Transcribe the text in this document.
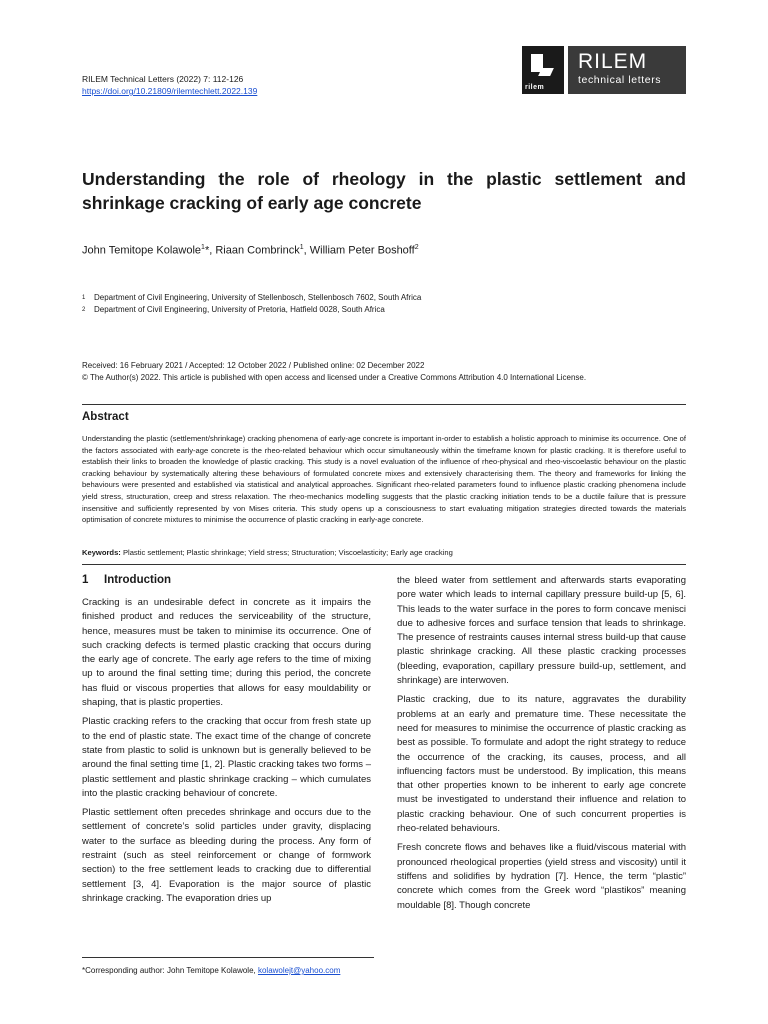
RILEM Technical Letters (2022) 7: 112-126
https://doi.org/10.21809/rilemtechlett.2022.139	rilem
RILEM
technical letters
Understanding the role of rheology in the plastic settlement and shrinkage cracking of early age concrete
John Temitope Kolawole$^1$*, Riaan Combrinck$^1$, William Peter Boshoff$^2$
1 Department of Civil Engineering, University of Stellenbosch, Stellenbosch 7602, South Africa
2 Department of Civil Engineering, University of Pretoria, Hatfield 0028, South Africa
Received: 16 February 2021 / Accepted: 12 October 2022 / Published online: 02 December 2022
© The Author(s) 2022. This article is published with open access and licensed under a Creative Commons Attribution 4.0 International License.
Abstract
Understanding the plastic (settlement/shrinkage) cracking phenomena of early-age concrete is important in-order to establish a holistic approach to minimise its occurrence. One of the factors associated with early-age concrete is the rheo-related behaviour which occur simultaneously within the timeframe known for plastic cracking. It is therefore useful to establish their links to broaden the knowledge of plastic cracking. This study is a novel evaluation of the influence of rheo-physical and rheo-viscoelastic behaviour on the plastic cracking behaviour by systematically altering these behaviours of formulated concrete mixes and extensively characterising them. The theory and frameworks for linking the behaviours were presented and established via statistical and analytical approaches. Significant rheo-related parameters found to influence plastic cracking phenomena include yield stress, structuration, creep and stress relaxation. The rheo-mechanics modelling suggests that the plastic cracking initiation tends to be a ductile failure that is pressure insensitive and sufficiently represented by von Mises criteria. This study opens up a consciousness to start evaluating mitigation strategies directed towards the materials optimisation of concrete mixtures to minimise the occurrence of plastic cracking in early-age concrete.
Keywords: Plastic settlement; Plastic shrinkage; Yield stress; Structuration; Viscoelasticity; Early age cracking
1 Introduction

Cracking is an undesirable defect in concrete as it impairs the finished product and reduces the serviceability of the structure, hence, measures must be taken to minimise its occurrence. One of such cracking defects is termed plastic cracking that occurs during the early age of concrete. The early age refers to the time of mixing up to around the final setting time; during this period, the concrete has fluid or viscous properties that allows for easy mouldability or shaping, that is plastic properties.

Plastic cracking refers to the cracking that occur from fresh state up to the end of plastic state. The exact time of the change of concrete state from plastic to solid is unknown but is generally believed to be around the final setting time [1, 2]. Plastic cracking takes two forms – plastic settlement and plastic shrinkage cracking – which cumulates into the plastic cracking behaviour of concrete.

Plastic settlement often precedes shrinkage and occurs due to the settlement of concrete’s solid particles under gravity, displacing water to the surface as bleeding during the process. Any form of restraint (such as steel reinforcement or change of formwork section) to the free settlement leads to cracking due to differential settlement [3, 4]. Evaporation is the major source of plastic shrinkage cracking. The evaporation dries up

the bleed water from settlement and afterwards starts evaporating pore water which leads to internal capillary pressure build-up [5, 6]. This leads to the water surface in the pores to form concave menisci due to adhesive forces and surface tension that leads to shrinkage. The presence of restraints causes internal stress build-up that cause plastic shrinkage cracking. All these plastic cracking processes (bleeding, evaporation, capillary pressure build-up, settlement, and shrinkage) are interwoven.

Plastic cracking, due to its nature, aggravates the durability problems at an early and premature time. These necessitate the need for measures to minimise the occurrence of plastic cracking as best as possible. To formulate and adopt the right strategy to reduce the occurrence of the cracking, its causes, process, and all influencing factors must be understood. By implication, this means that other properties known to be inherent to early age concrete must be investigated to understand their influence and relation to plastic cracking behaviour. One of such concurrent properties is rheo-related behaviours.

Fresh concrete flows and behaves like a fluid/viscous material with pronounced rheological properties (yield stress and viscosity) until it stiffens and solidifies by hydration [7]. Hence, the term “plastic” concrete which comes from the Greek word “plastikos” meaning mouldable [8]. Though concrete

*Corresponding author: John Temitope Kolawole, kolawolejt@yahoo.com
